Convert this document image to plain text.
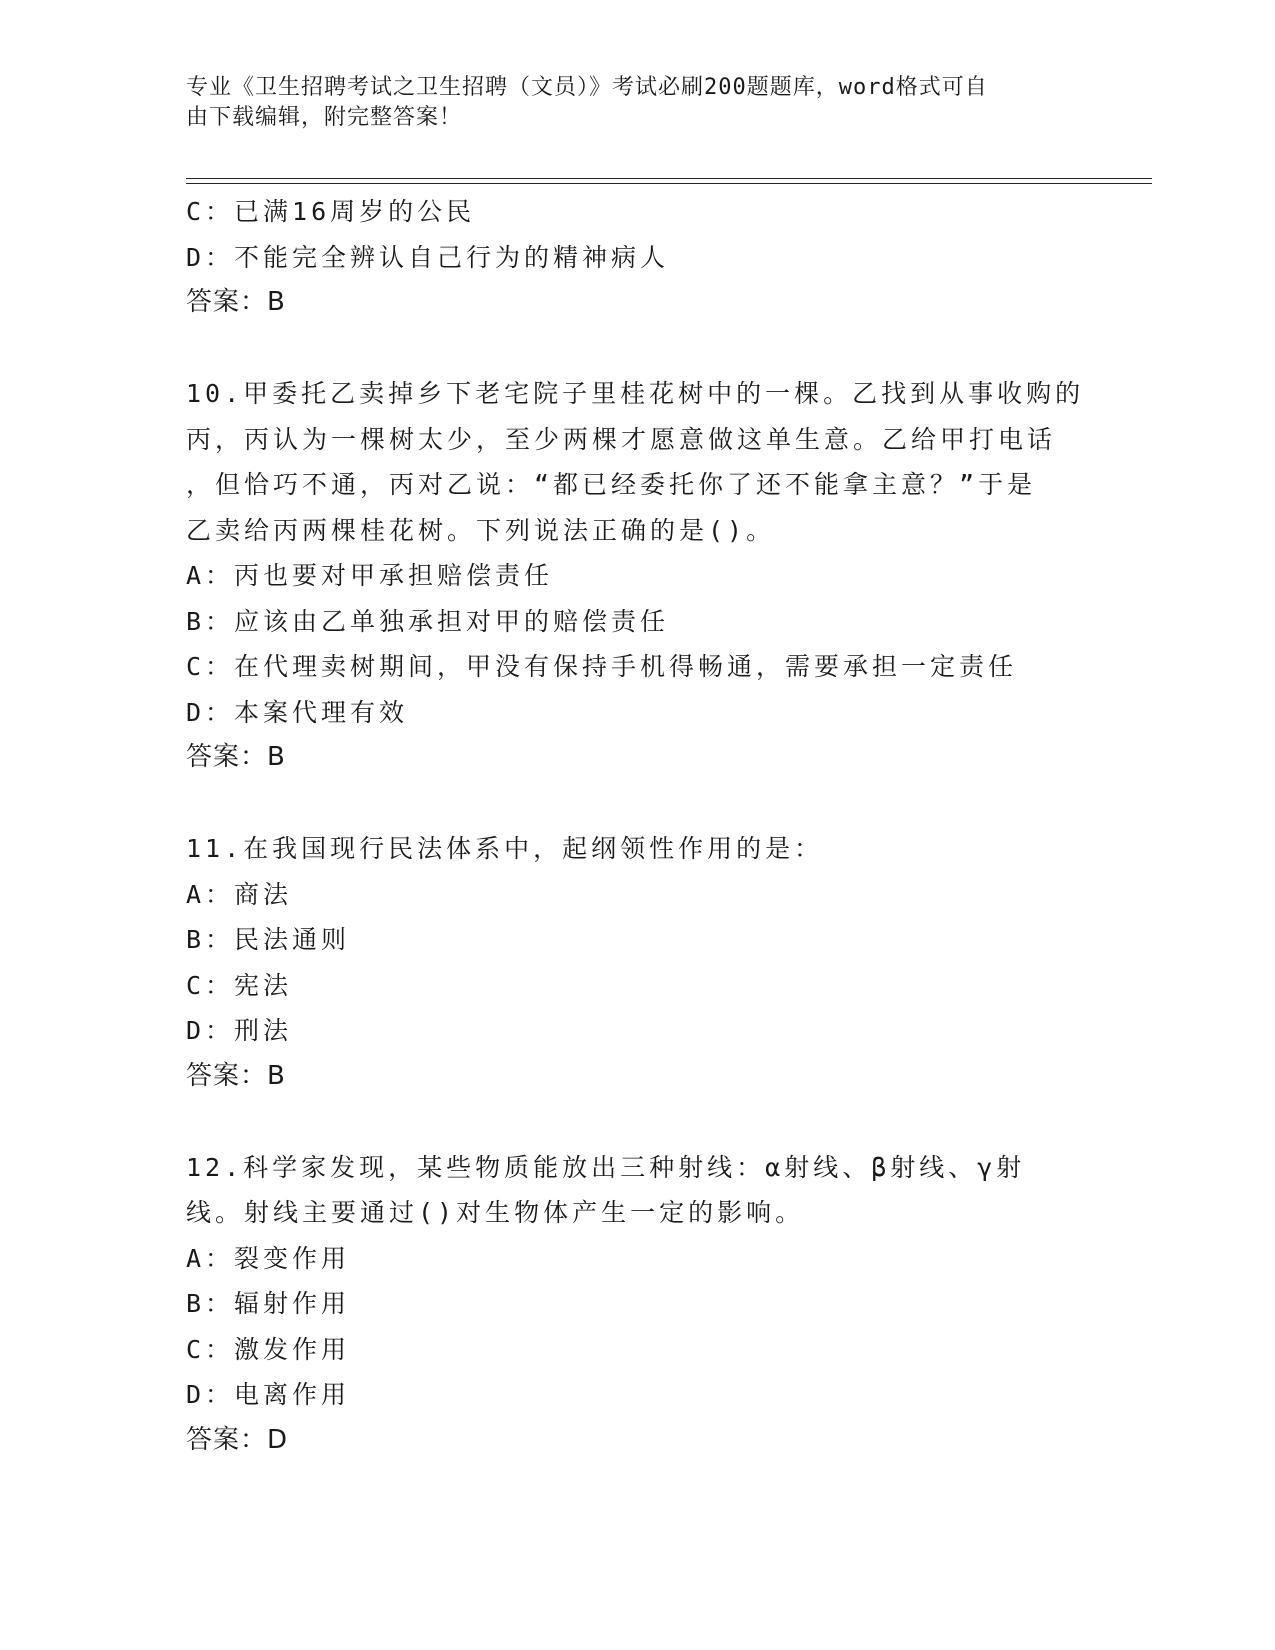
专业《卫生招聘考试之卫生招聘（文员）》考试必刷200题题库，word格式可自
由下载编辑，附完整答案！
C：已满16周岁的公民
D：不能完全辨认自己行为的精神病人
答案：B
10.甲委托乙卖掉乡下老宅院子里桂花树中的一棵。乙找到从事收购的
丙，丙认为一棵树太少，至少两棵才愿意做这单生意。乙给甲打电话
，但恰巧不通，丙对乙说：“都已经委托你了还不能拿主意？”于是
乙卖给丙两棵桂花树。下列说法正确的是()。
A：丙也要对甲承担赔偿责任
B：应该由乙单独承担对甲的赔偿责任
C：在代理卖树期间，甲没有保持手机得畅通，需要承担一定责任
D：本案代理有效
答案：B
11.在我国现行民法体系中，起纲领性作用的是：
A：商法
B：民法通则
C：宪法
D：刑法
答案：B
12.科学家发现，某些物质能放出三种射线：α射线、β射线、γ射
线。射线主要通过()对生物体产生一定的影响。
A：裂变作用
B：辐射作用
C：激发作用
D：电离作用
答案：D
